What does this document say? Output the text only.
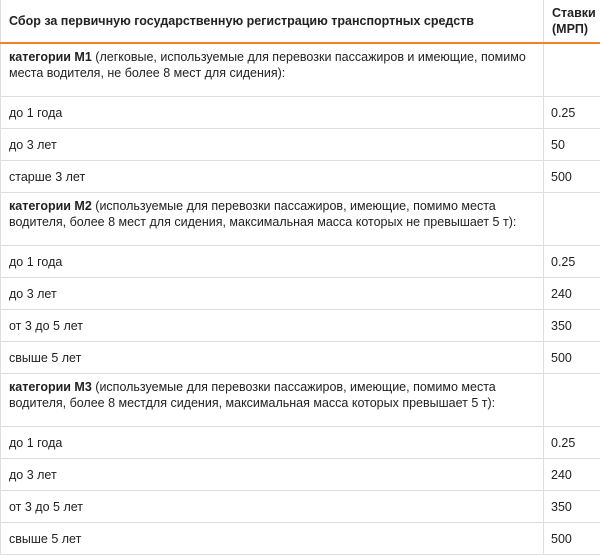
Сбор за первичную государственную регистрацию транспортных средств	Ставки (МРП)
категории М1 (легковые, используемые для перевозки пассажиров и имеющие, помимо места водителя, не более 8 мест для сидения):	
до 1 года	0.25
до 3 лет	50
старше 3 лет	500
категории М2 (используемые для перевозки пассажиров, имеющие, помимо места водителя, более 8 мест для сидения, максимальная масса которых не превышает 5 т):	
до 1 года	0.25
до 3 лет	240
от 3 до 5 лет	350
свыше 5 лет	500
категории М3 (используемые для перевозки пассажиров, имеющие, помимо места водителя, более 8 местдля сидения, максимальная масса которых превышает 5 т):	
до 1 года	0.25
до 3 лет	240
от 3 до 5 лет	350
свыше 5 лет	500
